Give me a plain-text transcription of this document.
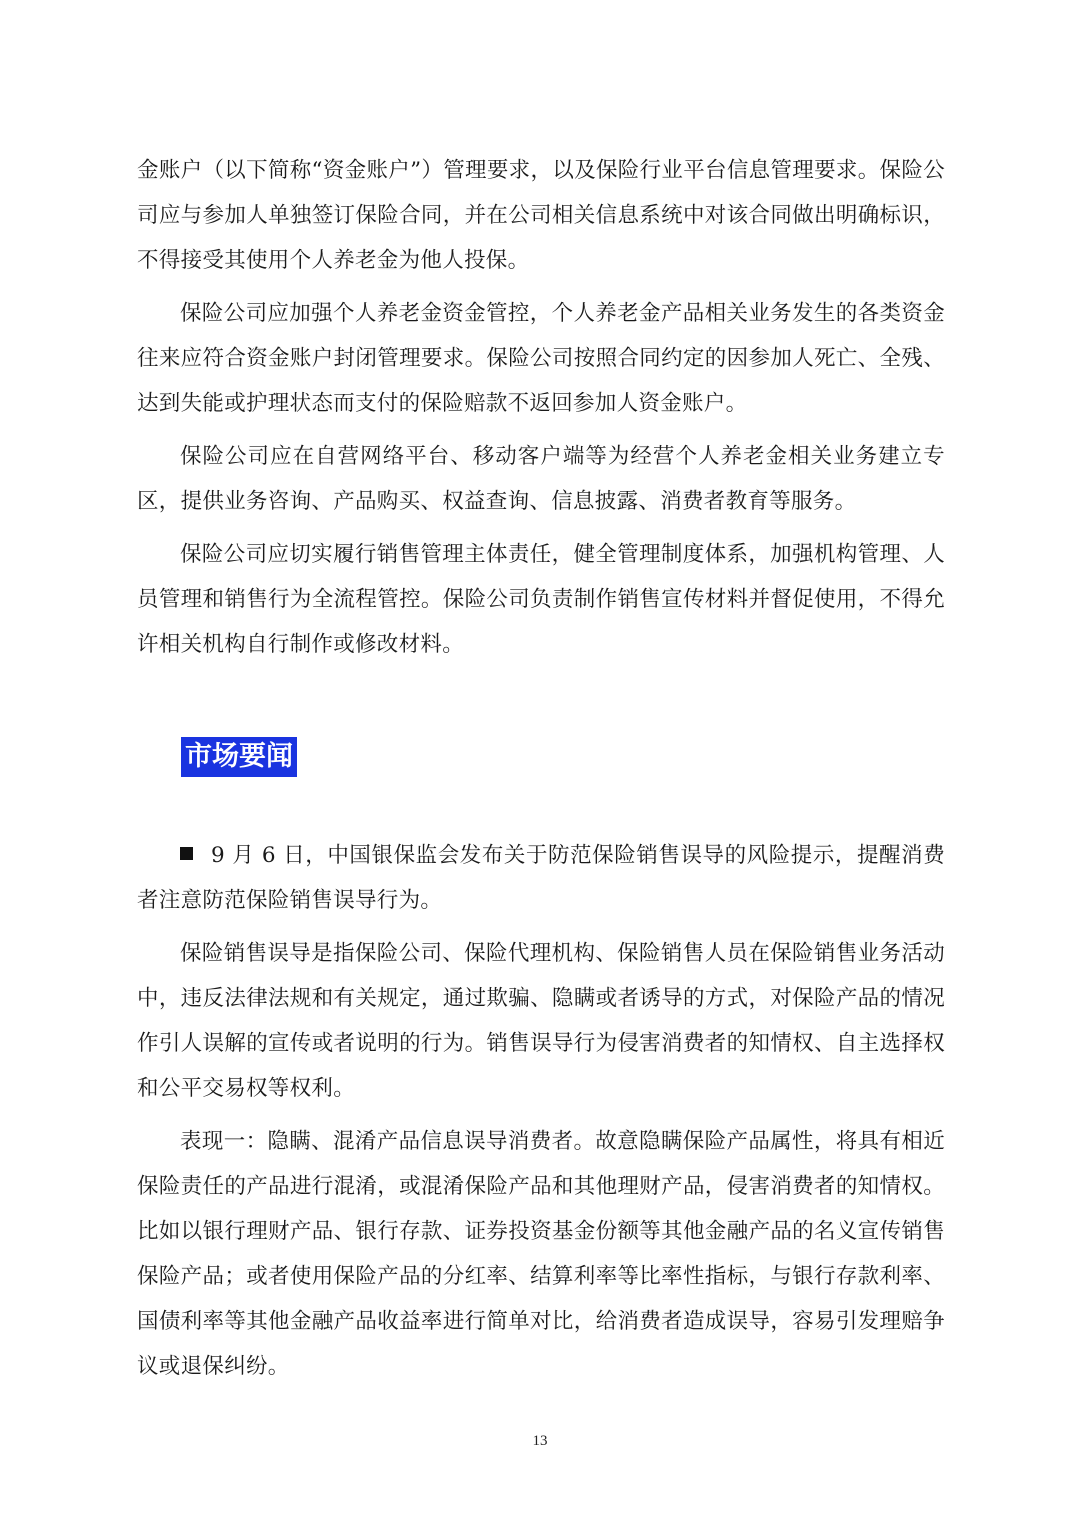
金账户（以下简称“资金账户”）管理要求，以及保险行业平台信息管理要求。保险公司应与参加人单独签订保险合同，并在公司相关信息系统中对该合同做出明确标识，不得接受其使用个人养老金为他人投保。

保险公司应加强个人养老金资金管控，个人养老金产品相关业务发生的各类资金往来应符合资金账户封闭管理要求。保险公司按照合同约定的因参加人死亡、全残、达到失能或护理状态而支付的保险赔款不返回参加人资金账户。

保险公司应在自营网络平台、移动客户端等为经营个人养老金相关业务建立专区，提供业务咨询、产品购买、权益查询、信息披露、消费者教育等服务。

保险公司应切实履行销售管理主体责任，健全管理制度体系，加强机构管理、人员管理和销售行为全流程管控。保险公司负责制作销售宣传材料并督促使用，不得允许相关机构自行制作或修改材料。

市场要闻

9 月 6 日，中国银保监会发布关于防范保险销售误导的风险提示，提醒消费者注意防范保险销售误导行为。

保险销售误导是指保险公司、保险代理机构、保险销售人员在保险销售业务活动中，违反法律法规和有关规定，通过欺骗、隐瞒或者诱导的方式，对保险产品的情况作引人误解的宣传或者说明的行为。销售误导行为侵害消费者的知情权、自主选择权和公平交易权等权利。

表现一：隐瞒、混淆产品信息误导消费者。故意隐瞒保险产品属性，将具有相近保险责任的产品进行混淆，或混淆保险产品和其他理财产品，侵害消费者的知情权。比如以银行理财产品、银行存款、证券投资基金份额等其他金融产品的名义宣传销售保险产品；或者使用保险产品的分红率、结算利率等比率性指标，与银行存款利率、国债利率等其他金融产品收益率进行简单对比，给消费者造成误导，容易引发理赔争议或退保纠纷。

13
